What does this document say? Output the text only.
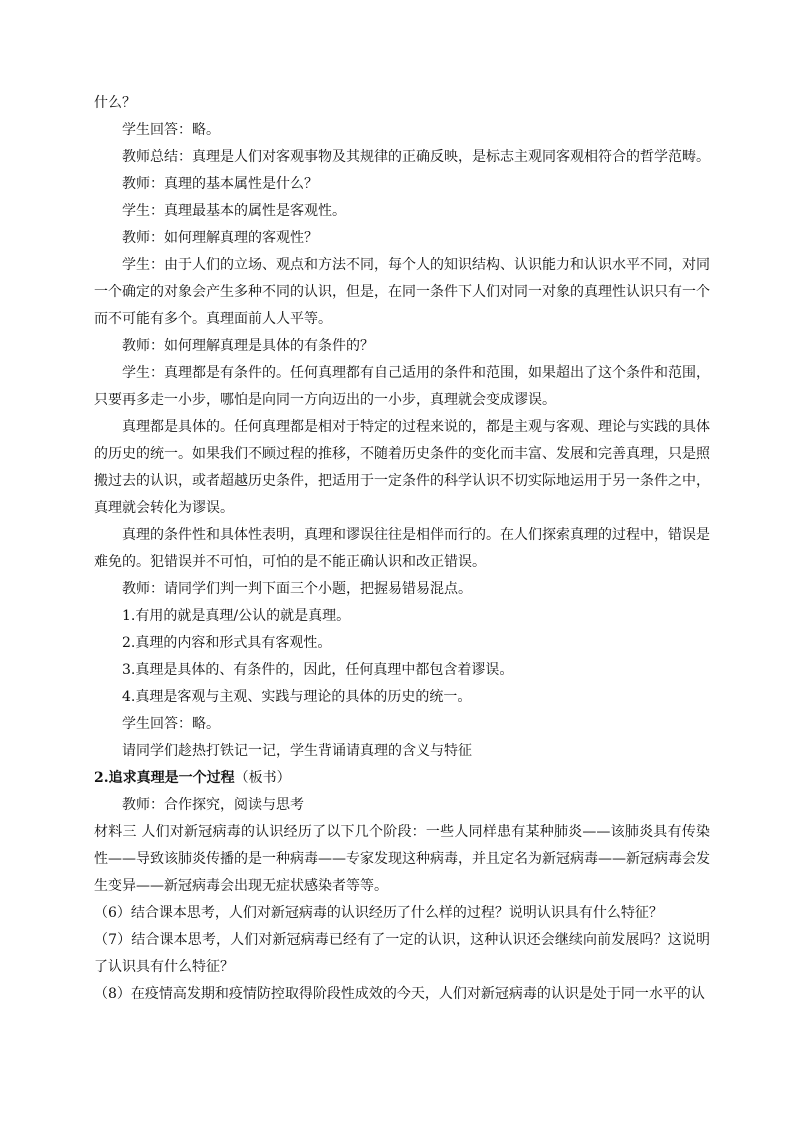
什么？

学生回答：略。

教师总结：真理是人们对客观事物及其规律的正确反映，是标志主观同客观相符合的哲学范畴。

教师：真理的基本属性是什么？

学生：真理最基本的属性是客观性。

教师：如何理解真理的客观性？

学生：由于人们的立场、观点和方法不同，每个人的知识结构、认识能力和认识水平不同，对同一个确定的对象会产生多种不同的认识，但是，在同一条件下人们对同一对象的真理性认识只有一个而不可能有多个。真理面前人人平等。

教师：如何理解真理是具体的有条件的？

学生：真理都是有条件的。任何真理都有自己适用的条件和范围，如果超出了这个条件和范围，只要再多走一小步，哪怕是向同一方向迈出的一小步，真理就会变成谬误。

真理都是具体的。任何真理都是相对于特定的过程来说的，都是主观与客观、理论与实践的具体的历史的统一。如果我们不顾过程的推移，不随着历史条件的变化而丰富、发展和完善真理，只是照搬过去的认识，或者超越历史条件，把适用于一定条件的科学认识不切实际地运用于另一条件之中，真理就会转化为谬误。

真理的条件性和具体性表明，真理和谬误往往是相伴而行的。在人们探索真理的过程中，错误是难免的。犯错误并不可怕，可怕的是不能正确认识和改正错误。

教师：请同学们判一判下面三个小题，把握易错易混点。

1.有用的就是真理/公认的就是真理。

2.真理的内容和形式具有客观性。

3.真理是具体的、有条件的，因此，任何真理中都包含着谬误。

4.真理是客观与主观、实践与理论的具体的历史的统一。

学生回答：略。

请同学们趁热打铁记一记，学生背诵请真理的含义与特征

2.追求真理是一个过程（板书）

教师：合作探究，阅读与思考

材料三 人们对新冠病毒的认识经历了以下几个阶段：一些人同样患有某种肺炎——该肺炎具有传染性——导致该肺炎传播的是一种病毒——专家发现这种病毒，并且定名为新冠病毒——新冠病毒会发生变异——新冠病毒会出现无症状感染者等等。

（6）结合课本思考，人们对新冠病毒的认识经历了什么样的过程？说明认识具有什么特征？

（7）结合课本思考，人们对新冠病毒已经有了一定的认识，这种认识还会继续向前发展吗？这说明了认识具有什么特征？

（8）在疫情高发期和疫情防控取得阶段性成效的今天，人们对新冠病毒的认识是处于同一水平的认
